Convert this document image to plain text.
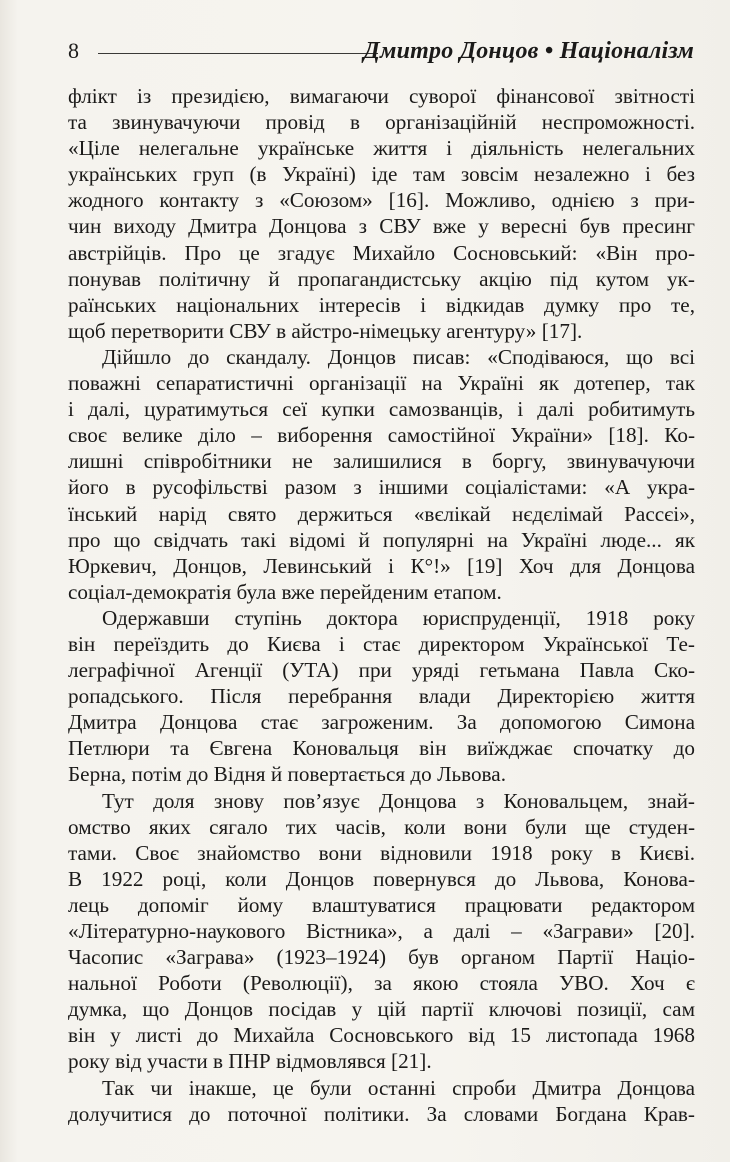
8	Дмитро Донцов • Націоналізм
флікт із президією, вимагаючи суворої фінансової звітності
та звинувачуючи провід в організаційній неспроможності.
«Ціле нелегальне українське життя і діяльність нелегальних
українських груп (в Україні) іде там зовсім незалежно і без
жодного контакту з «Союзом» [16]. Можливо, однією з при-
чин виходу Дмитра Донцова з СВУ вже у вересні був пресинг
австрійців. Про це згадує Михайло Сосновський: «Він про-
понував політичну й пропагандистську акцію під кутом ук-
раїнських національних інтересів і відкидав думку про те,
щоб перетворити СВУ в айстро-німецьку агентуру» [17].
Дійшло до скандалу. Донцов писав: «Сподіваюся, що всі
поважні сепаратистичні організації на Україні як дотепер, так
і далі, цуратимуться сеї купки самозванців, і далі робитимуть
своє велике діло – виборення самостійної України» [18]. Ко-
лишні співробітники не залишилися в боргу, звинувачуючи
його в русофільстві разом з іншими соціалістами: «А укра-
їнський нарід свято держиться «вєлікай нєдєлімай Рассєі»,
про що свідчать такі відомі й популярні на Україні люде... як
Юркевич, Донцов, Левинський і К°!» [19] Хоч для Донцова
соціал-демократія була вже перейденим етапом.
Одержавши ступінь доктора юриспруденції, 1918 року
він переїздить до Києва і стає директором Української Те-
леграфічної Агенції (УТА) при уряді гетьмана Павла Ско-
ропадського. Після перебрання влади Директорією життя
Дмитра Донцова стає загроженим. За допомогою Симона
Петлюри та Євгена Коновальця він виїжджає спочатку до
Берна, потім до Відня й повертається до Львова.
Тут доля знову пов’язує Донцова з Коновальцем, знай-
омство яких сягало тих часів, коли вони були ще студен-
тами. Своє знайомство вони відновили 1918 року в Києві.
В 1922 році, коли Донцов повернувся до Львова, Конова-
лець допоміг йому влаштуватися працювати редактором
«Літературно-наукового Вістника», а далі – «Заграви» [20].
Часопис «Заграва» (1923–1924) був органом Партії Націо-
нальної Роботи (Революції), за якою стояла УВО. Хоч є
думка, що Донцов посідав у цій партії ключові позиції, сам
він у листі до Михайла Сосновського від 15 листопада 1968
року від участи в ПНР відмовлявся [21].
Так чи інакше, це були останні спроби Дмитра Донцова
долучитися до поточної політики. За словами Богдана Крав-
